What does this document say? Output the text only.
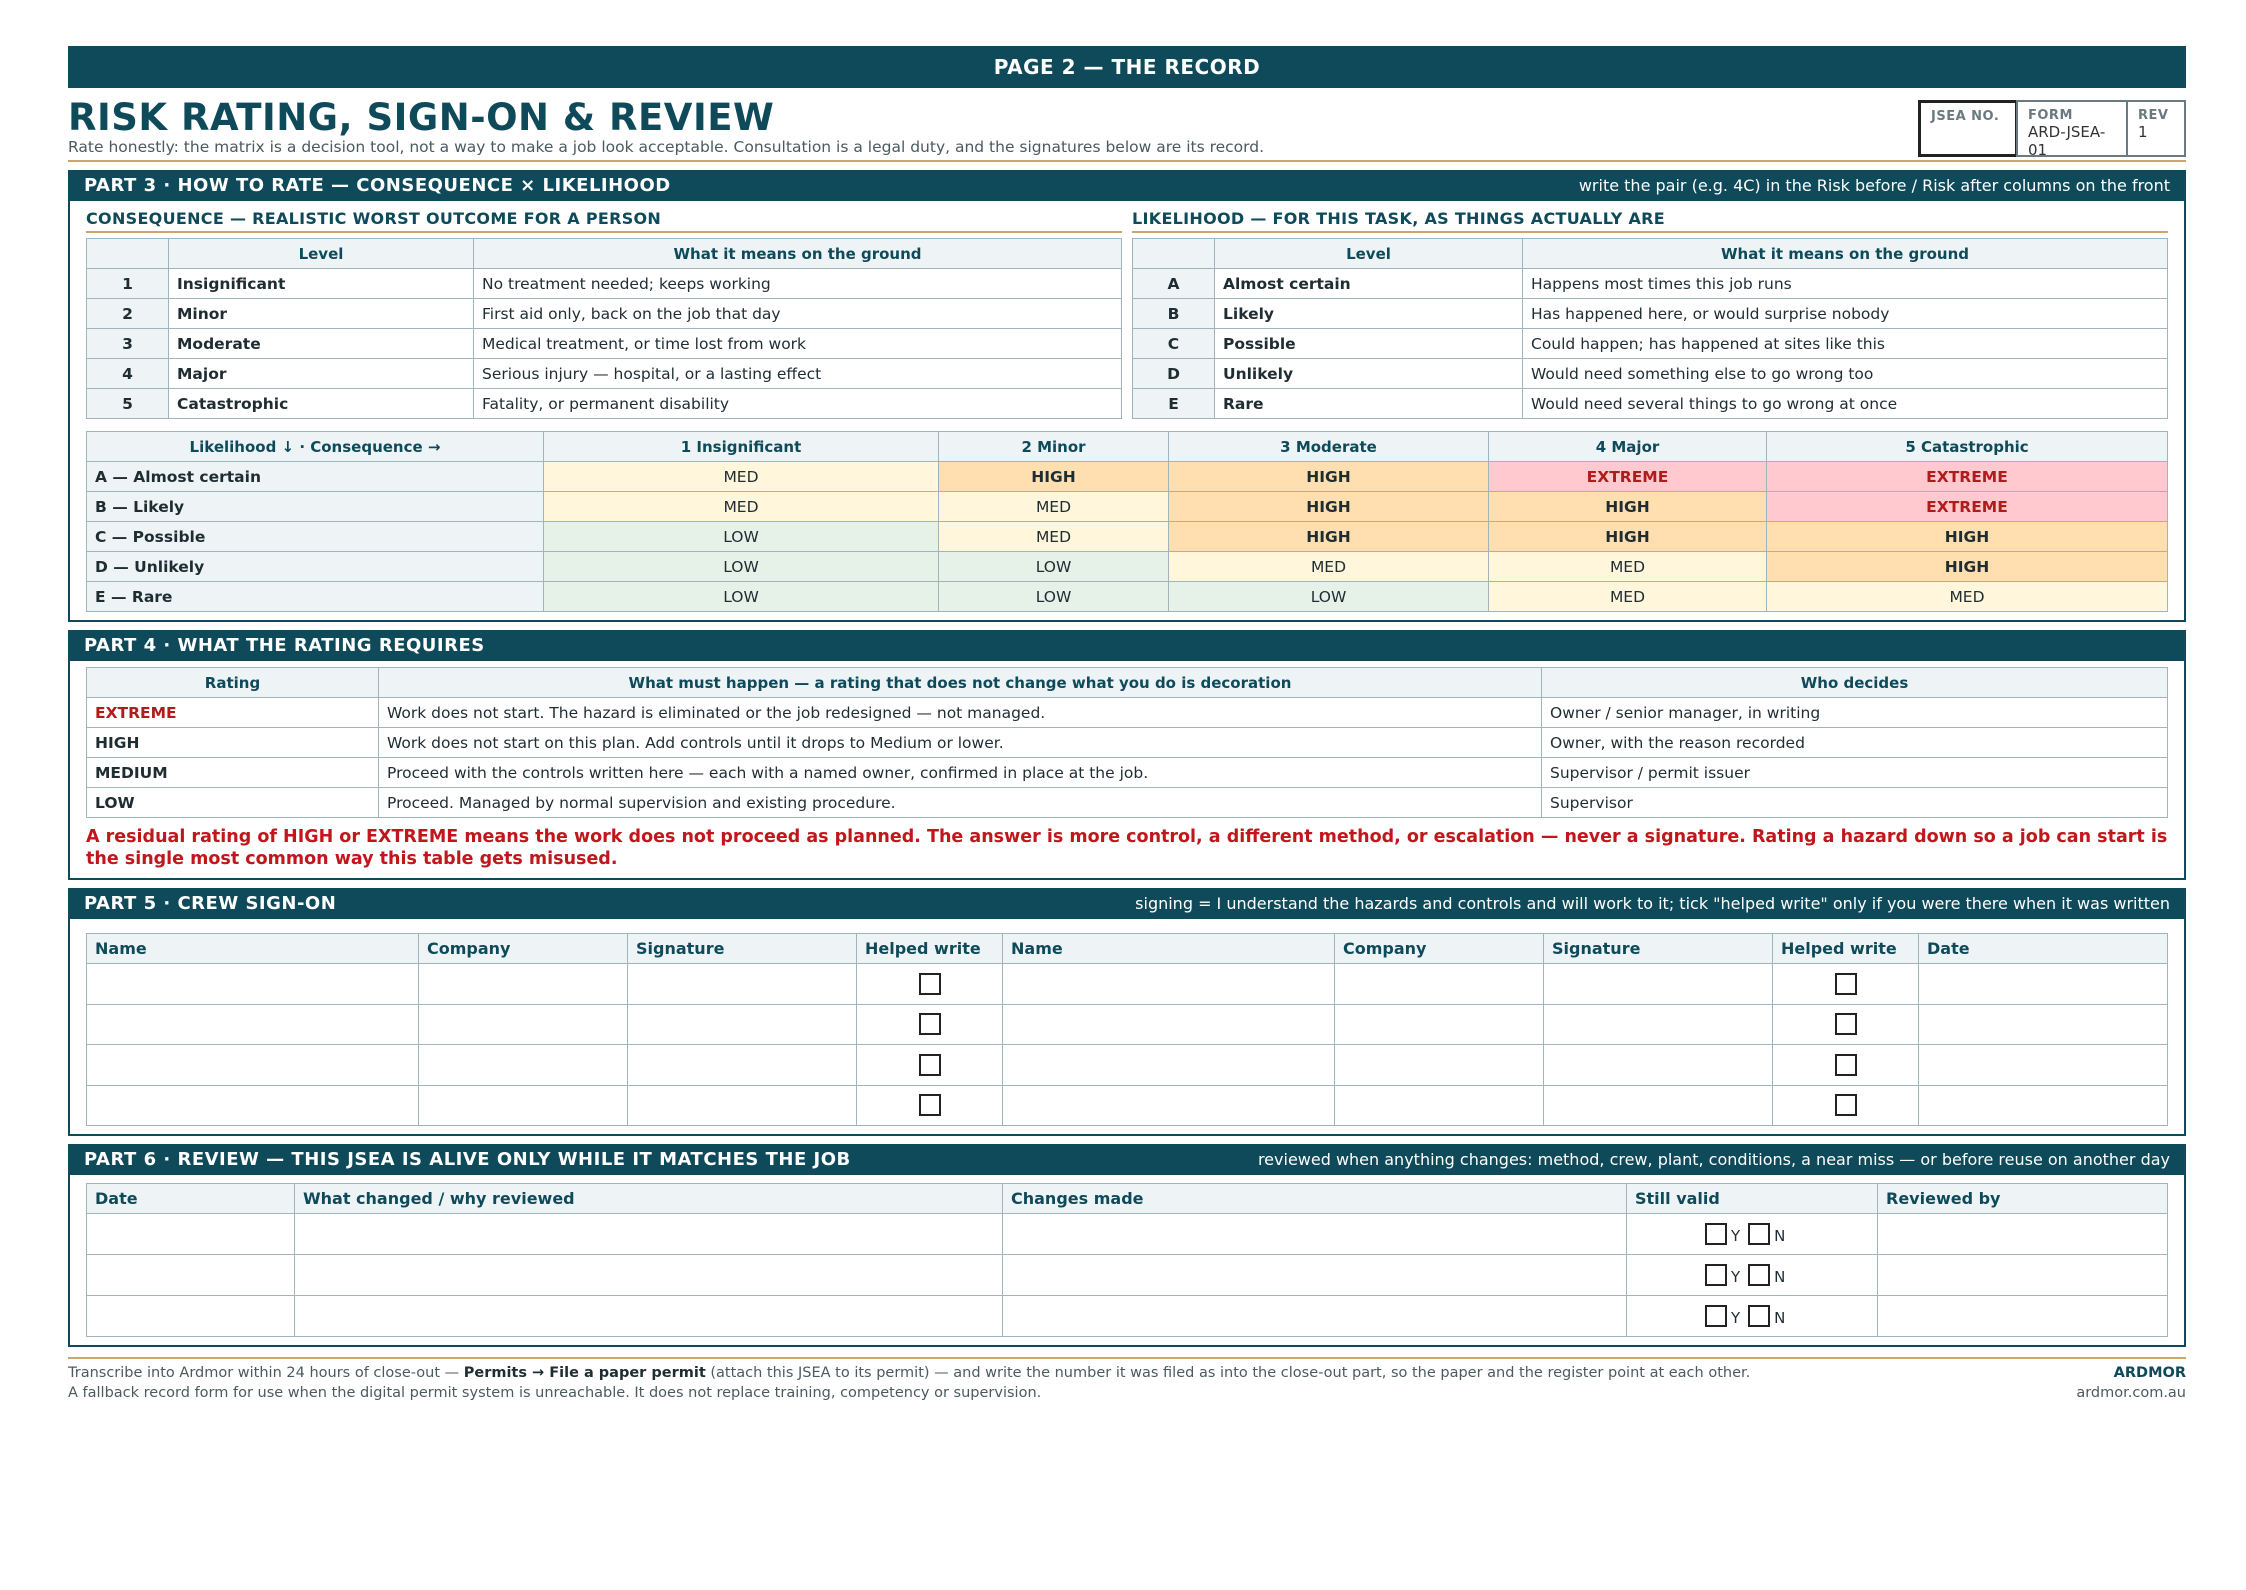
PAGE 2 — THE RECORD
RISK RATING, SIGN-ON & REVIEW
Rate honestly: the matrix is a decision tool, not a way to make a job look acceptable. Consultation is a legal duty, and the signatures below are its record.
JSEA NO.	FORM
ARD-JSEA-01
REV
1
PART 3 · HOW TO RATE — CONSEQUENCE × LIKELIHOOD	write the pair (e.g. 4C) in the Risk before / Risk after columns on the front
CONSEQUENCE — REALISTIC WORST OUTCOME FOR A PERSON
	Level	What it means on the ground
1	Insignificant	No treatment needed; keeps working
2	Minor	First aid only, back on the job that day
3	Moderate	Medical treatment, or time lost from work
4	Major	Serious injury — hospital, or a lasting effect
5	Catastrophic	Fatality, or permanent disability
LIKELIHOOD — FOR THIS TASK, AS THINGS ACTUALLY ARE
	Level	What it means on the ground
A	Almost certain	Happens most times this job runs
B	Likely	Has happened here, or would surprise nobody
C	Possible	Could happen; has happened at sites like this
D	Unlikely	Would need something else to go wrong too
E	Rare	Would need several things to go wrong at once
Likelihood ↓ · Consequence →	1 Insignificant	2 Minor	3 Moderate	4 Major	5 Catastrophic
A — Almost certain	MED	HIGH	HIGH	EXTREME	EXTREME
B — Likely	MED	MED	HIGH	HIGH	EXTREME
C — Possible	LOW	MED	HIGH	HIGH	HIGH
D — Unlikely	LOW	LOW	MED	MED	HIGH
E — Rare	LOW	LOW	LOW	MED	MED
PART 4 · WHAT THE RATING REQUIRES
Rating	What must happen — a rating that does not change what you do is decoration	Who decides
EXTREME	Work does not start. The hazard is eliminated or the job redesigned — not managed.	Owner / senior manager, in writing
HIGH	Work does not start on this plan. Add controls until it drops to Medium or lower.	Owner, with the reason recorded
MEDIUM	Proceed with the controls written here — each with a named owner, confirmed in place at the job.	Supervisor / permit issuer
LOW	Proceed. Managed by normal supervision and existing procedure.	Supervisor
A residual rating of HIGH or EXTREME means the work does not proceed as planned. The answer is more control, a different method, or escalation — never a signature. Rating a hazard down so a job can start is the single most common way this table gets misused.
PART 5 · CREW SIGN-ON	signing = I understand the hazards and controls and will work to it; tick "helped write" only if you were there when it was written
Name	Company	Signature	Helped write	Name	Company	Signature	Helped write	Date

PART 6 · REVIEW — THIS JSEA IS ALIVE ONLY WHILE IT MATCHES THE JOB	reviewed when anything changes: method, crew, plant, conditions, a near miss — or before reuse on another day
Date	What changed / why reviewed	Changes made	Still valid	Reviewed by
			Y N	
			Y N	
			Y N	
Transcribe into Ardmor within 24 hours of close-out — Permits → File a paper permit (attach this JSEA to its permit) — and write the number it was filed as into the close-out part, so the paper and the register point at each other.
A fallback record form for use when the digital permit system is unreachable. It does not replace training, competency or supervision.
ARDMOR
ardmor.com.au
